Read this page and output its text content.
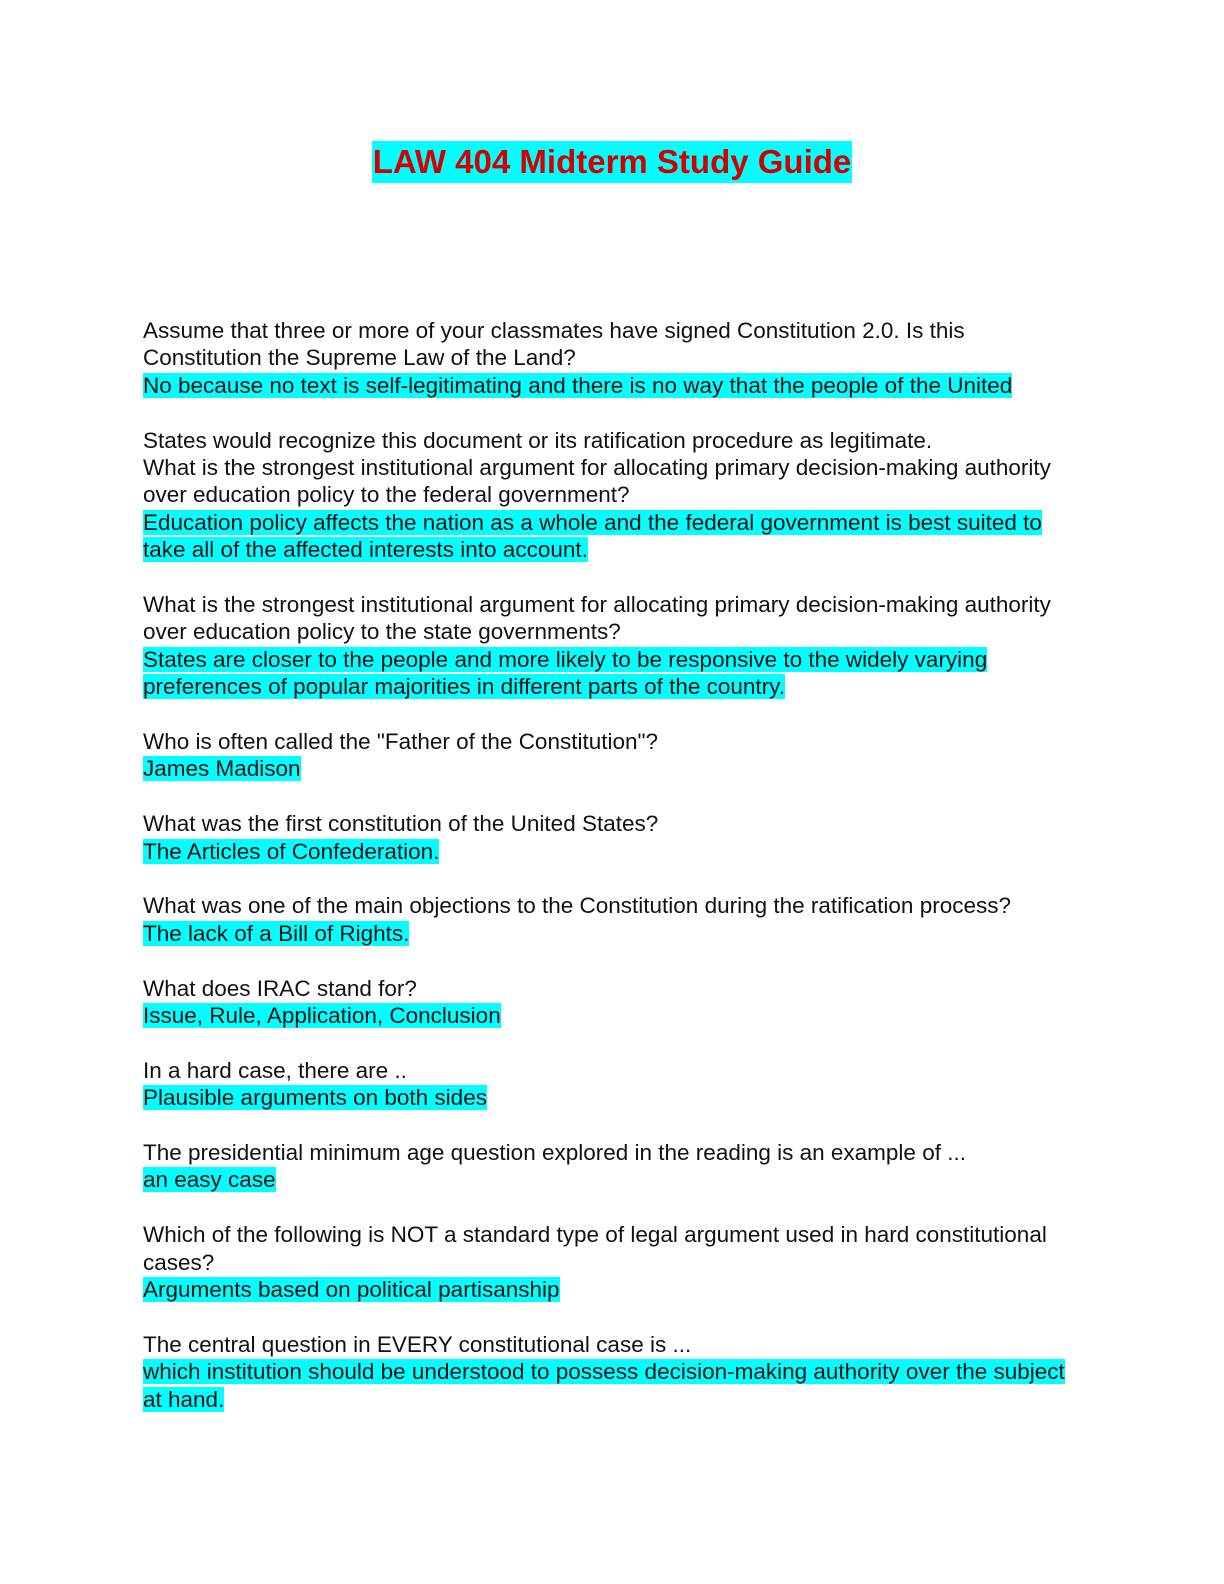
LAW 404 Midterm Study Guide
Assume that three or more of your classmates have signed Constitution 2.0. Is this Constitution the Supreme Law of the Land?
No because no text is self-legitimating and there is no way that the people of the United
States would recognize this document or its ratification procedure as legitimate.
What is the strongest institutional argument for allocating primary decision-making authority over education policy to the federal government?
Education policy affects the nation as a whole and the federal government is best suited to take all of the affected interests into account.
What is the strongest institutional argument for allocating primary decision-making authority over education policy to the state governments?
States are closer to the people and more likely to be responsive to the widely varying preferences of popular majorities in different parts of the country.
Who is often called the "Father of the Constitution"?
James Madison
What was the first constitution of the United States?
The Articles of Confederation.
What was one of the main objections to the Constitution during the ratification process?
The lack of a Bill of Rights.
What does IRAC stand for?
Issue, Rule, Application, Conclusion
In a hard case, there are ..
Plausible arguments on both sides
The presidential minimum age question explored in the reading is an example of ...
an easy case
Which of the following is NOT a standard type of legal argument used in hard constitutional cases?
Arguments based on political partisanship
The central question in EVERY constitutional case is ...
which institution should be understood to possess decision-making authority over the subject at hand.
